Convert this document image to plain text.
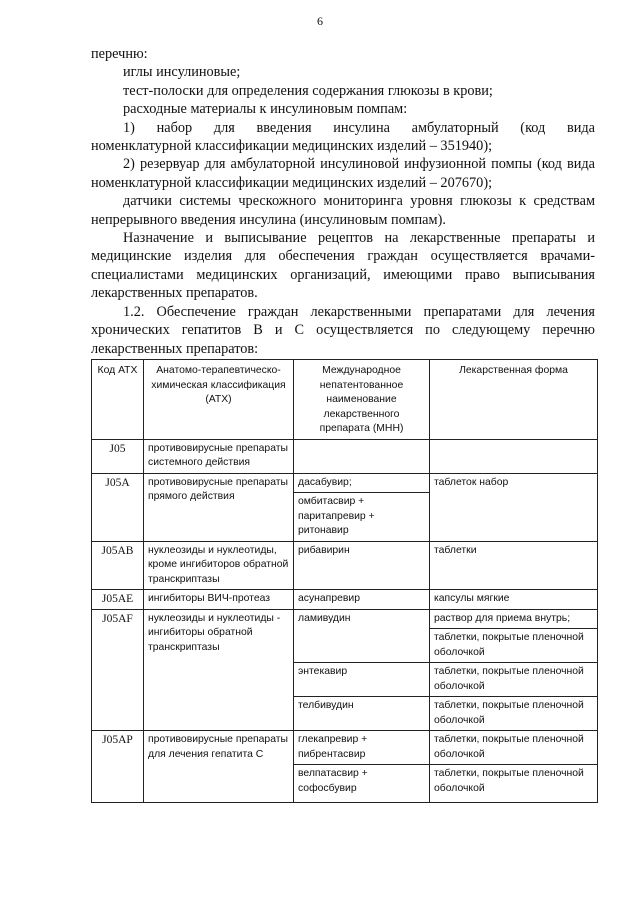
6

перечню:

иглы инсулиновые;

тест-полоски для определения содержания глюкозы в крови;

расходные материалы к инсулиновым помпам:

1) набор для введения инсулина амбулаторный (код вида

номенклатурной классификации медицинских изделий – 351940);

2) резервуар для амбулаторной инсулиновой инфузионной помпы (код вида номенклатурной классификации медицинских изделий – 207670);

датчики системы чрескожного мониторинга уровня глюкозы к средствам непрерывного введения инсулина (инсулиновым помпам).

Назначение и выписывание рецептов на лекарственные препараты и медицинские изделия для обеспечения граждан осуществляется врачами-специалистами медицинских организаций, имеющими право выписывания лекарственных препаратов.

1.2. Обеспечение граждан лекарственными препаратами для лечения хронических гепатитов В и С осуществляется по следующему перечню лекарственных препаратов:

Код АТХ	Анатомо-терапевтическо-химическая классификация (АТХ)	Международное непатентованное наименование лекарственного препарата (МНН)	Лекарственная форма
J05	противовирусные препараты системного действия		
J05A	противовирусные препараты прямого действия	дасабувир;	таблеток набор
		омбитасвир + паритапревир + ритонавир	
J05AB	нуклеозиды и нуклеотиды, кроме ингибиторов обратной транскриптазы	рибавирин	таблетки
J05AE	ингибиторы ВИЧ-протеаз	асунапревир	капсулы мягкие
J05AF	нуклеозиды и нуклеотиды - ингибиторы обратной транскриптазы	ламивудин	раствор для приема внутрь;
			таблетки, покрытые пленочной оболочкой
		энтекавир	таблетки, покрытые пленочной оболочкой
		телбивудин	таблетки, покрытые пленочной оболочкой
J05AP	противовирусные препараты для лечения гепатита С	глекапревир + пибрентасвир	таблетки, покрытые пленочной оболочкой
		велпатасвир + софосбувир	таблетки, покрытые пленочной оболочкой
